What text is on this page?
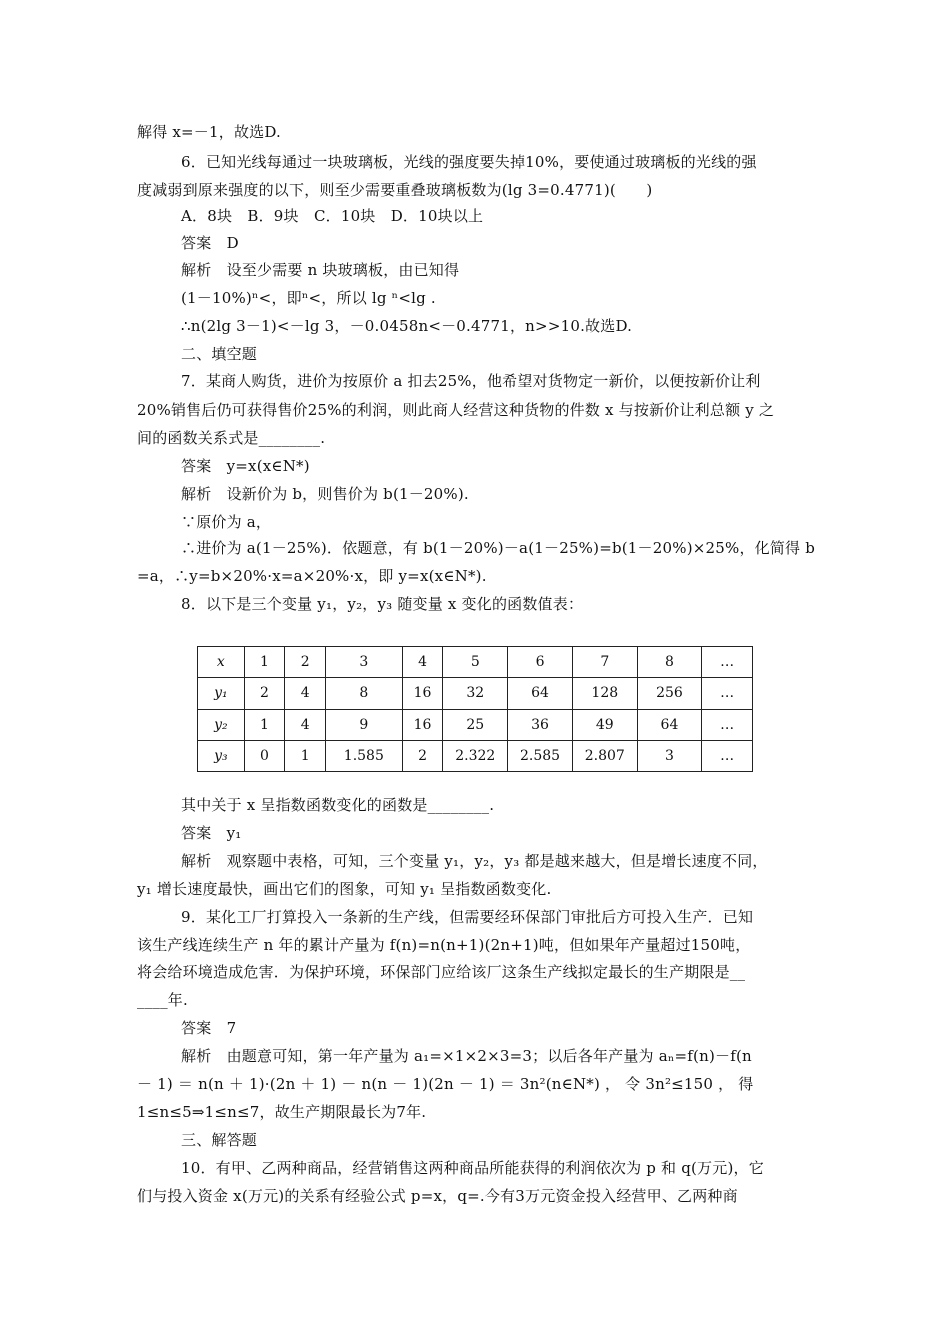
解得 x=－1，故选D.
6．已知光线每通过一块玻璃板，光线的强度要失掉10%，要使通过玻璃板的光线的强
度减弱到原来强度的以下，则至少需要重叠玻璃板数为(lg 3=0.4771)(　　)
A．8块　B．9块　C．10块　D．10块以上
答案　D
解析　设至少需要 n 块玻璃板，由已知得
(1－10%)ⁿ<，即ⁿ<，所以 lg ⁿ<lg .
∴n(2lg 3－1)<－lg 3，－0.0458n<－0.4771，n>>10.故选D.
二、填空题
7．某商人购货，进价为按原价 a 扣去25%，他希望对货物定一新价，以便按新价让利
20%销售后仍可获得售价25%的利润，则此商人经营这种货物的件数 x 与按新价让利总额 y 之
间的函数关系式是________.
答案　y=x(x∈N*)
解析　设新价为 b，则售价为 b(1－20%).
∵原价为 a，
∴进价为 a(1－25%)．依题意，有 b(1－20%)－a(1－25%)=b(1－20%)×25%，化简得 b
=a，∴y=b×20%·x=a×20%·x，即 y=x(x∈N*).
8．以下是三个变量 y₁，y₂，y₃ 随变量 x 变化的函数值表：
x	1	2	3	4	5	6	7	8	…
y₁	2	4	8	16	32	64	128	256	…
y₂	1	4	9	16	25	36	49	64	…
y₃	0	1	1.585	2	2.322	2.585	2.807	3	…
其中关于 x 呈指数函数变化的函数是________.
答案　y₁
解析　观察题中表格，可知，三个变量 y₁，y₂，y₃ 都是越来越大，但是增长速度不同，
y₁ 增长速度最快，画出它们的图象，可知 y₁ 呈指数函数变化.
9．某化工厂打算投入一条新的生产线，但需要经环保部门审批后方可投入生产．已知
该生产线连续生产 n 年的累计产量为 f(n)=n(n+1)(2n+1)吨，但如果年产量超过150吨，
将会给环境造成危害．为保护环境，环保部门应给该厂这条生产线拟定最长的生产期限是__
____年.
答案　7
解析　由题意可知，第一年产量为 a₁=×1×2×3=3；以后各年产量为 aₙ=f(n)－f(n
－ 1) ＝ n(n ＋ 1)·(2n ＋ 1) － n(n － 1)(2n － 1) ＝ 3n²(n∈N*) ， 令 3n²≤150 ， 得
1≤n≤5⇒1≤n≤7，故生产期限最长为7年.
三、解答题
10．有甲、乙两种商品，经营销售这两种商品所能获得的利润依次为 p 和 q(万元)，它
们与投入资金 x(万元)的关系有经验公式 p=x，q=.今有3万元资金投入经营甲、乙两种商
